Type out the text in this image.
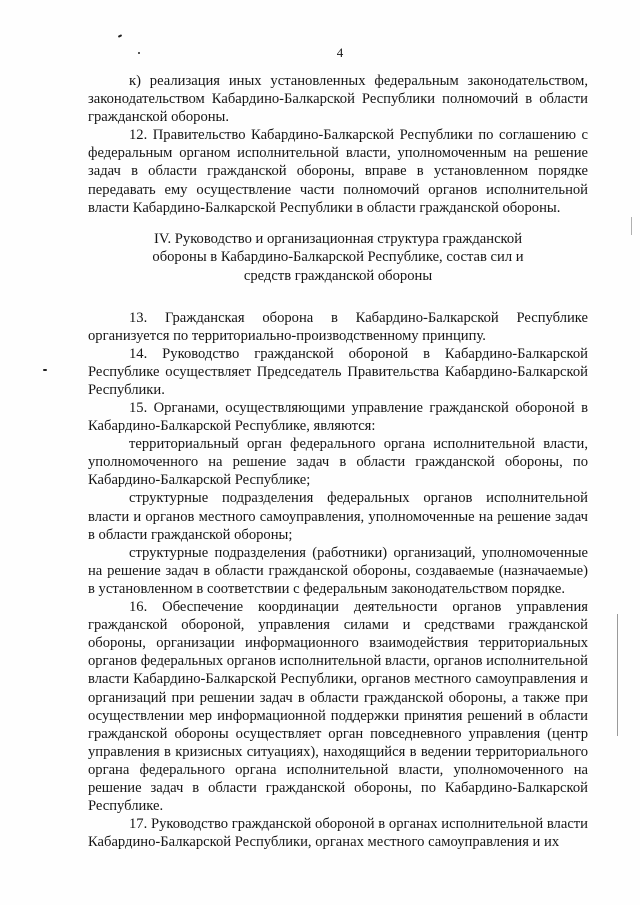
4

к) реализация иных установленных федеральным законодательством, законодательством Кабардино-Балкарской Республики полномочий в области гражданской обороны.

12. Правительство Кабардино-Балкарской Республики по соглашению с федеральным органом исполнительной власти, уполномоченным на решение задач в области гражданской обороны, вправе в установленном порядке передавать ему осуществление части полномочий органов исполнительной власти Кабардино-Балкарской Республики в области гражданской обороны.

IV. Руководство и организационная структура гражданской обороны в Кабардино-Балкарской Республике, состав сил и средств гражданской обороны

13. Гражданская оборона в Кабардино-Балкарской Республике организуется по территориально-производственному принципу.

14. Руководство гражданской обороной в Кабардино-Балкарской Республике осуществляет Председатель Правительства Кабардино-Балкарской Республики.

15. Органами, осуществляющими управление гражданской обороной в Кабардино-Балкарской Республике, являются:

территориальный орган федерального органа исполнительной власти, уполномоченного на решение задач в области гражданской обороны, по Кабардино-Балкарской Республике;

структурные подразделения федеральных органов исполнительной власти и органов местного самоуправления, уполномоченные на решение задач в области гражданской обороны;

структурные подразделения (работники) организаций, уполномоченные на решение задач в области гражданской обороны, создаваемые (назначаемые) в установленном в соответствии с федеральным законодательством порядке.

16. Обеспечение координации деятельности органов управления гражданской обороной, управления силами и средствами гражданской обороны, организации информационного взаимодействия территориальных органов федеральных органов исполнительной власти, органов исполнительной власти Кабардино-Балкарской Республики, органов местного самоуправления и организаций при решении задач в области гражданской обороны, а также при осуществлении мер информационной поддержки принятия решений в области гражданской обороны осуществляет орган повседневного управления (центр управления в кризисных ситуациях), находящийся в ведении территориального органа федерального органа исполнительной власти, уполномоченного на решение задач в области гражданской обороны, по Кабардино-Балкарской Республике.

17. Руководство гражданской обороной в органах исполнительной власти Кабардино-Балкарской Республики, органах местного самоуправления и их
